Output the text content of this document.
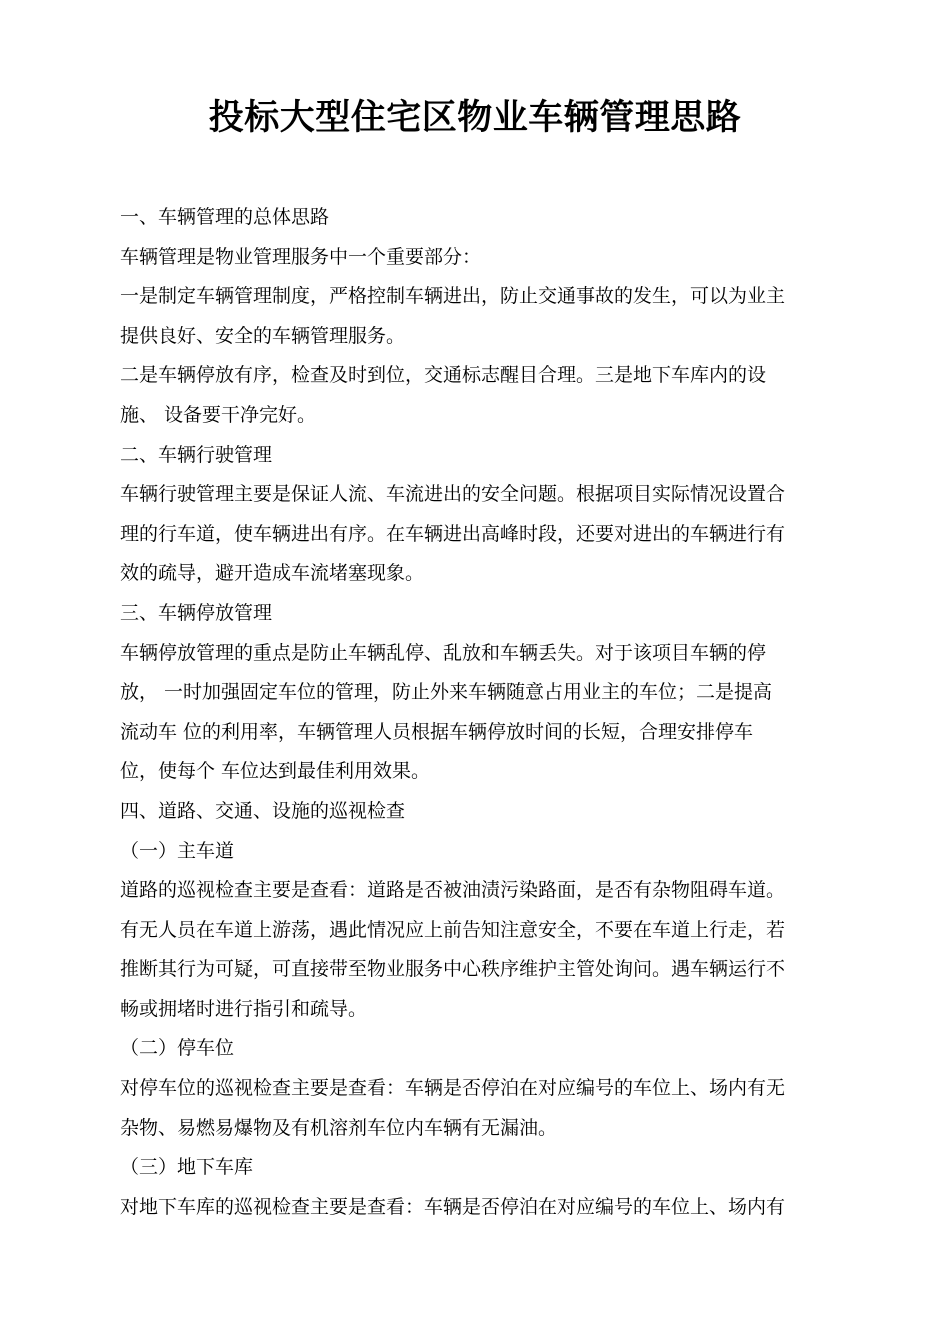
投标大型住宅区物业车辆管理思路
一、车辆管理的总体思路
车辆管理是物业管理服务中一个重要部分：
一是制定车辆管理制度，严格控制车辆进出，防止交通事故的发生，可以为业主
提供良好、安全的车辆管理服务。
二是车辆停放有序，检查及时到位，交通标志醒目合理。三是地下车库内的设
施、 设备要干净完好。
二、车辆行驶管理
车辆行驶管理主要是保证人流、车流进出的安全问题。根据项目实际情况设置合
理的行车道，使车辆进出有序。在车辆进出高峰时段，还要对进出的车辆进行有
效的疏导，避开造成车流堵塞现象。
三、车辆停放管理
车辆停放管理的重点是防止车辆乱停、乱放和车辆丢失。对于该项目车辆的停
放， 一时加强固定车位的管理，防止外来车辆随意占用业主的车位；二是提高
流动车 位的利用率，车辆管理人员根据车辆停放时间的长短，合理安排停车
位，使每个 车位达到最佳利用效果。
四、道路、交通、设施的巡视检查
（一）主车道
道路的巡视检查主要是查看：道路是否被油渍污染路面，是否有杂物阻碍车道。
有无人员在车道上游荡，遇此情况应上前告知注意安全，不要在车道上行走，若
推断其行为可疑，可直接带至物业服务中心秩序维护主管处询问。遇车辆运行不
畅或拥堵时进行指引和疏导。
（二）停车位
对停车位的巡视检查主要是查看：车辆是否停泊在对应编号的车位上、场内有无
杂物、易燃易爆物及有机溶剂车位内车辆有无漏油。
（三）地下车库
对地下车库的巡视检查主要是查看：车辆是否停泊在对应编号的车位上、场内有
